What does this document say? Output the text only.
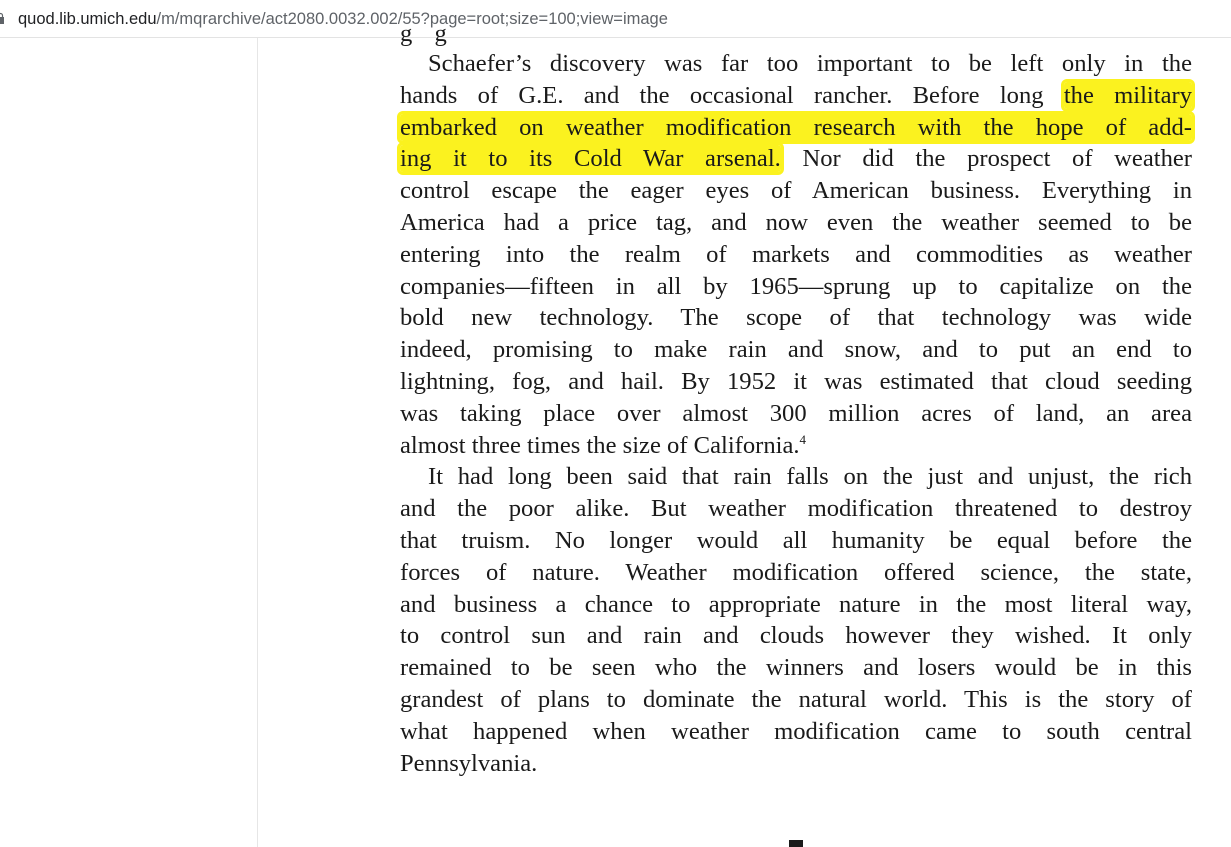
quod.lib.umich.edu/m/mqrarchive/act2080.0032.002/55?page=root;size=100;view=image
g g
Schaefer’s discovery was far too important to be left only in the
hands of G.E. and the occasional rancher. Before long the military
embarked on weather modification research with the hope of add-
ing it to its Cold War arsenal. Nor did the prospect of weather
control escape the eager eyes of American business. Everything in
America had a price tag, and now even the weather seemed to be
entering into the realm of markets and commodities as weather
companies—fifteen in all by 1965—sprung up to capitalize on the
bold new technology. The scope of that technology was wide
indeed, promising to make rain and snow, and to put an end to
lightning, fog, and hail. By 1952 it was estimated that cloud seeding
was taking place over almost 300 million acres of land, an area
almost three times the size of California.$^4$
It had long been said that rain falls on the just and unjust, the rich
and the poor alike. But weather modification threatened to destroy
that truism. No longer would all humanity be equal before the
forces of nature. Weather modification offered science, the state,
and business a chance to appropriate nature in the most literal way,
to control sun and rain and clouds however they wished. It only
remained to be seen who the winners and losers would be in this
grandest of plans to dominate the natural world. This is the story of
what happened when weather modification came to south central
Pennsylvania.
